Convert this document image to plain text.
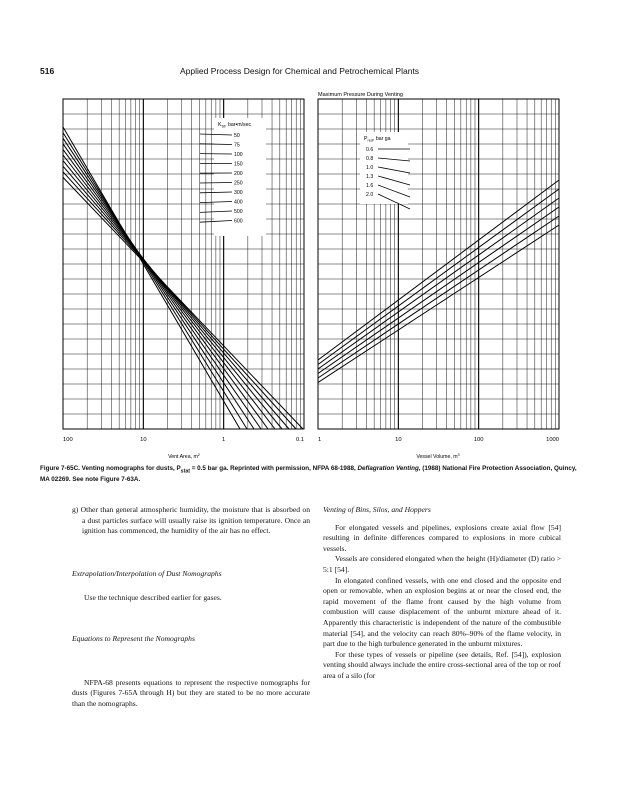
516	Applied Process Design for Chemical and Petrochemical Plants
Maximum Pressure During Venting
$K_{St}$, bar•m/sec
50
75
100
150
200
250
300
400
500
600
100	10	1	0.1
Vent Area, $m^2$
$P_{red}$, bar ga
0.6
0.8
1.0
1.3
1.6
2.0
1	10	100	1000
Vessel Volume, $m^3$
Figure 7-65C. Venting nomographs for dusts, $P_{stat} = 0.5$ bar ga. Reprinted with permission, NFPA 68-1988, Deflagration Venting, (1988) National Fire Protection Association, Quincy, MA 02269. See note Figure 7-63A.

g) Other than general atmospheric humidity, the moisture that is absorbed on a dust particles surface will usually raise its ignition temperature. Once an ignition has commenced, the humidity of the air has no effect.

Extrapolation/Interpolation of Dust Nomographs

Use the technique described earlier for gases.

Equations to Represent the Nomographs

NFPA-68 presents equations to represent the respective nomographs for dusts (Figures 7-65A through H) but they are stated to be no more accurate than the nomographs.

Venting of Bins, Silos, and Hoppers

For elongated vessels and pipelines, explosions create axial flow [54] resulting in definite differences compared to explosions in more cubical vessels.

Vessels are considered elongated when the height (H)/diameter (D) ratio > 5:1 [54].

In elongated confined vessels, with one end closed and the opposite end open or removable, when an explosion begins at or near the closed end, the rapid movement of the flame front caused by the high volume from combustion will cause displacement of the unburnt mixture ahead of it. Apparently this characteristic is independent of the nature of the combustible material [54], and the velocity can reach 80%–90% of the flame velocity, in part due to the high turbulence generated in the unburnt mixtures.

For these types of vessels or pipeline (see details, Ref. [54]), explosion venting should always include the entire cross-sectional area of the top or roof area of a silo (for
